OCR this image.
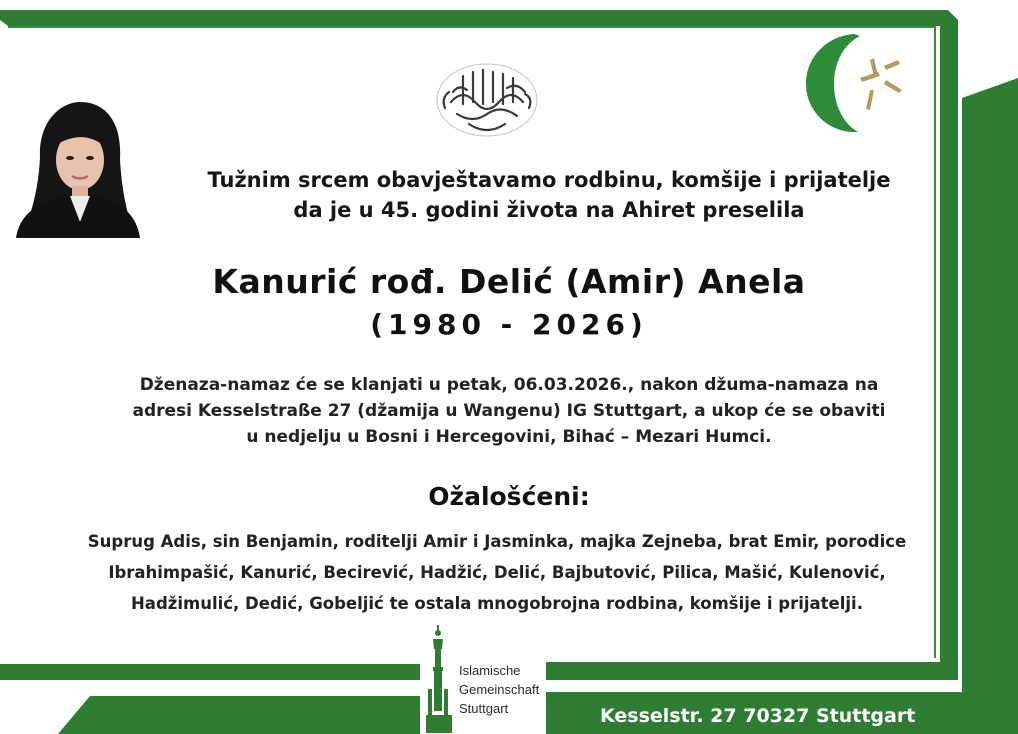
Tužnim srcem obavještavamo rodbinu, komšije i prijatelje
da je u 45. godini života na Ahiret preselila
Kanurić rođ. Delić (Amir) Anela
(1980 - 2026)
Dženaza-namaz će se klanjati u petak, 06.03.2026., nakon džuma-namaza na
adresi Kesselstraße 27 (džamija u Wangenu) IG Stuttgart, a ukop će se obaviti
u nedjelju u Bosni i Hercegovini, Bihać – Mezari Humci.
Ožalošćeni:
Suprug Adis, sin Benjamin, roditelji Amir i Jasminka, majka Zejneba, brat Emir, porodice
Ibrahimpašić, Kanurić, Becirević, Hadžić, Delić, Bajbutović, Pilica, Mašić, Kulenović,
Hadžimulić, Dedić, Gobeljić te ostala mnogobrojna rodbina, komšije i prijatelji.
Islamische
Gemeinschaft
Stuttgart	Kesselstr. 27 70327 Stuttgart
